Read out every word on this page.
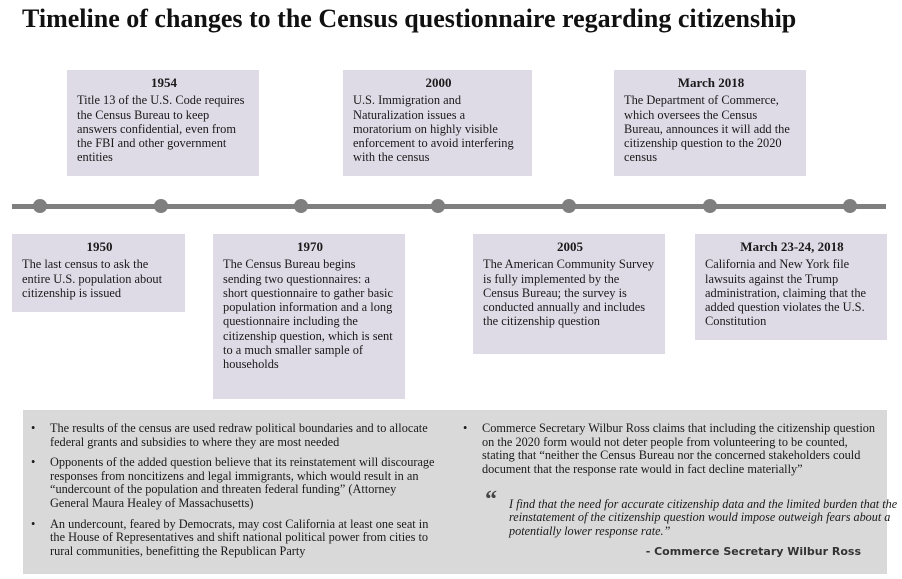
Timeline of changes to the Census questionnaire regarding citizenship
1954
Title 13 of the U.S. Code requires the Census Bureau to keep answers confidential, even from the FBI and other government entities
2000
U.S. Immigration and Naturalization issues a moratorium on highly visible enforcement to avoid interfering with the census
March 2018
The Department of Commerce, which oversees the Census Bureau, announces it will add the citizenship question to the 2020 census
1950
The last census to ask the entire U.S. population about citizenship is issued
1970
The Census Bureau begins sending two questionnaires: a short questionnaire to gather basic population information and a long questionnaire including the citizenship question, which is sent to a much smaller sample of households
2005
The American Community Survey is fully implemented by the Census Bureau; the survey is conducted annually and includes the citizenship question
March 23-24, 2018
California and New York file lawsuits against the Trump administration, claiming that the added question violates the U.S. Constitution
• The results of the census are used redraw political boundaries and to allocate federal grants and subsidies to where they are most needed
• Opponents of the added question believe that its reinstatement will discourage responses from noncitizens and legal immigrants, which would result in an “undercount of the population and threaten federal funding” (Attorney General Maura Healey of Massachusetts)
• An undercount, feared by Democrats, may cost California at least one seat in the House of Representatives and shift national political power from cities to rural communities, benefitting the Republican Party
• Commerce Secretary Wilbur Ross claims that including the citizenship question on the 2020 form would not deter people from volunteering to be counted, stating that “neither the Census Bureau nor the concerned stakeholders could document that the response rate would in fact decline materially”
“ I find that the need for accurate citizenship data and the limited burden that the reinstatement of the citizenship question would impose outweigh fears about a potentially lower response rate.”
- Commerce Secretary Wilbur Ross
